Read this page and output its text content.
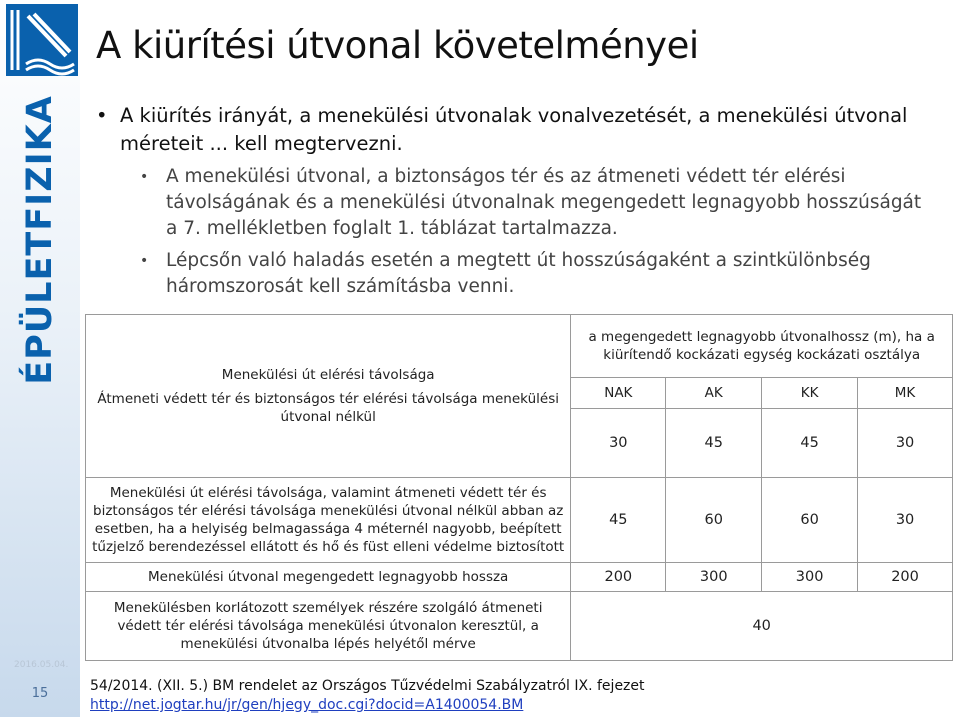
ÉPÜLETFIZIKA
2016.05.04.
15
A kiürítési útvonal követelményei
• A kiürítés irányát, a menekülési útvonalak vonalvezetését, a menekülési útvonal méreteit ... kell megtervezni.
• A menekülési útvonal, a biztonságos tér és az átmeneti védett tér elérési távolságának és a menekülési útvonalnak megengedett legnagyobb hosszúságát a 7. mellékletben foglalt 1. táblázat tartalmazza.
• Lépcsőn való haladás esetén a megtett út hosszúságaként a szintkülönbség háromszorosát kell számításba venni.
Menekülési út elérési távolsága
Átmeneti védett tér és biztonságos tér elérési távolsága menekülési útvonal nélkül	a megengedett legnagyobb útvonalhossz (m), ha a kiürítendő kockázati egység kockázati osztálya			
	NAK	AK	KK	MK
	30	45	45	30
Menekülési út elérési távolsága, valamint átmeneti védett tér és biztonságos tér elérési távolsága menekülési útvonal nélkül abban az esetben, ha a helyiség belmagassága 4 méternél nagyobb, beépített tűzjelző berendezéssel ellátott és hő és füst elleni védelme biztosított	45	60	60	30
Menekülési útvonal megengedett legnagyobb hossza	200	300	300	200
Menekülésben korlátozott személyek részére szolgáló átmeneti védett tér elérési távolsága menekülési útvonalon keresztül, a menekülési útvonalba lépés helyétől mérve	40			
54/2014. (XII. 5.) BM rendelet az Országos Tűzvédelmi Szabályzatról IX. fejezet
http://net.jogtar.hu/jr/gen/hjegy_doc.cgi?docid=A1400054.BM
